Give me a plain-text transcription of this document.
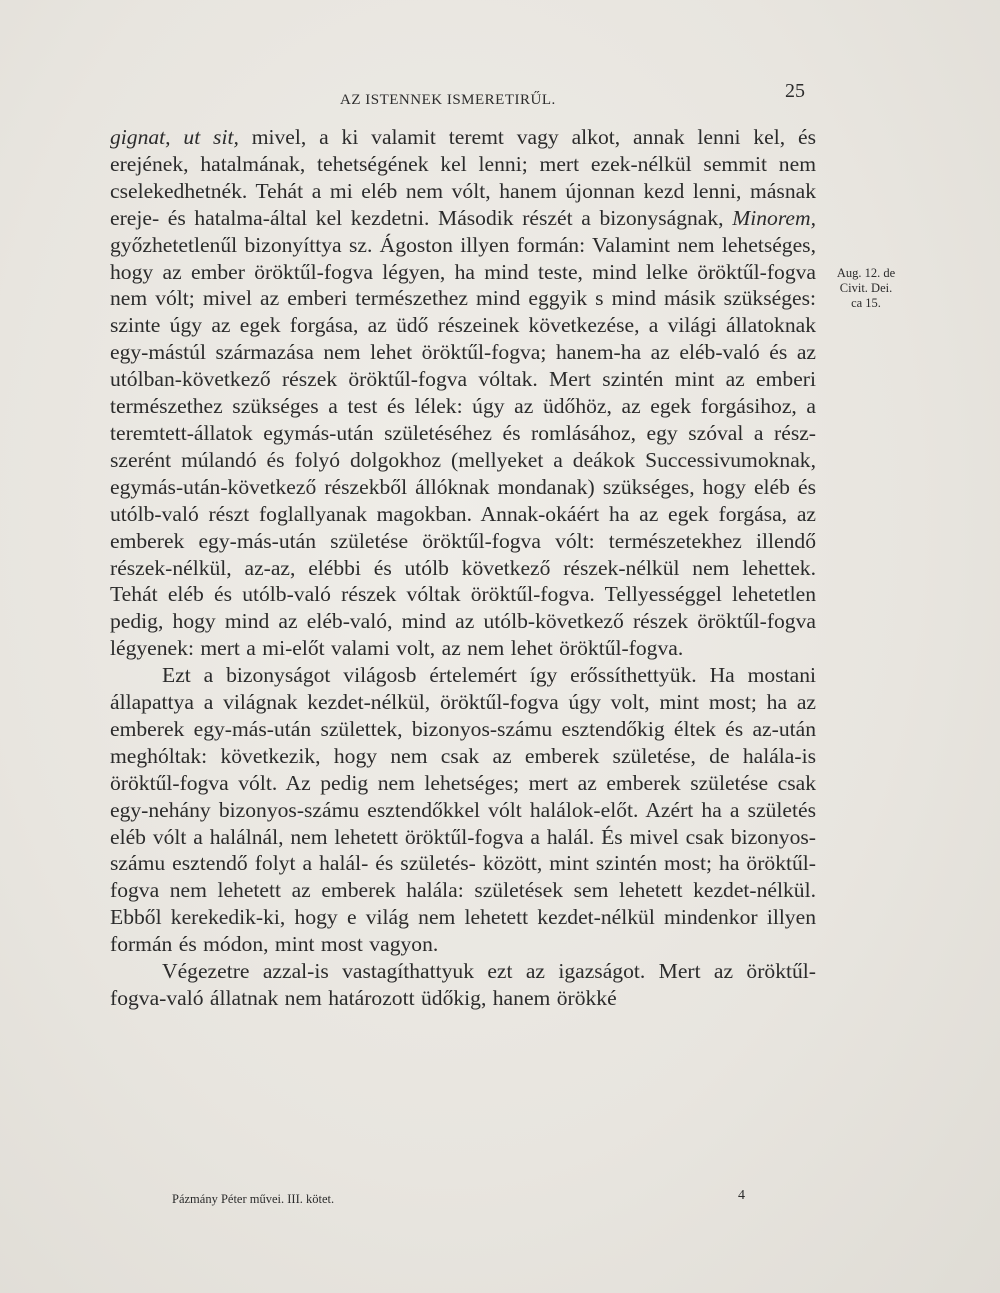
AZ ISTENNEK ISMERETIRŰL.	25

gignat, ut sit, mivel, a ki valamit teremt vagy alkot, annak lenni kel, és erejének, hatalmának, tehetségének kel lenni; mert ezek-nélkül semmit nem cselekedhetnék. Tehát a mi eléb nem vólt, hanem újonnan kezd lenni, másnak ereje- és hatalma-által kel kezdetni. Második részét a bizonyságnak, Minorem, győzhetetlenűl bizonyíttya sz. Ágoston illyen formán: Valamint nem lehetséges, hogy az ember öröktűl-fogva légyen, ha mind teste, mind lelke öröktűl-fogva nem vólt; mivel az emberi természethez mind eggyik s mind másik szükséges: szinte úgy az egek forgása, az üdő részeinek következése, a világi állatoknak egy-mástúl származása nem lehet öröktűl-fogva; hanem-ha az eléb-való és az utólban-következő részek öröktűl-fogva vóltak. Mert szintén mint az emberi természethez szükséges a test és lélek: úgy az üdőhöz, az egek forgásihoz, a teremtett-állatok egymás-után születéséhez és romlásához, egy szóval a rész-szerént múlandó és folyó dolgokhoz (mellyeket a deákok Successivumoknak, egymás-után-következő részekből állóknak mondanak) szükséges, hogy eléb és utólb-való részt foglallyanak magokban. Annak-okáért ha az egek forgása, az emberek egy-más-után születése öröktűl-fogva vólt: természetekhez illendő részek-nélkül, az-az, elébbi és utólb következő részek-nélkül nem lehettek. Tehát eléb és utólb-való részek vóltak öröktűl-fogva. Tellyességgel lehetetlen pedig, hogy mind az eléb-való, mind az utólb-következő részek öröktűl-fogva légyenek: mert a mi-előt valami volt, az nem lehet öröktűl-fogva.

Ezt a bizonyságot világosb értelemért így erőssíthettyük. Ha mostani állapattya a világnak kezdet-nélkül, öröktűl-fogva úgy volt, mint most; ha az emberek egy-más-után születtek, bizonyos-számu esztendőkig éltek és az-után meghóltak: következik, hogy nem csak az emberek születése, de halála-is öröktűl-fogva vólt. Az pedig nem lehetséges; mert az emberek születése csak egy-nehány bizonyos-számu esztendőkkel vólt halálok-előt. Azért ha a születés eléb vólt a halálnál, nem lehetett öröktűl-fogva a halál. És mivel csak bizonyos-számu esztendő folyt a halál- és születés- között, mint szintén most; ha öröktűl-fogva nem lehetett az emberek halála: születések sem lehetett kezdet-nélkül. Ebből kerekedik-ki, hogy e világ nem lehetett kezdet-nélkül mindenkor illyen formán és módon, mint most vagyon.

Végezetre azzal-is vastagíthattyuk ezt az igazságot. Mert az öröktűl-fogva-való állatnak nem határozott üdőkig, hanem örökké

Aug. 12. de
Civit. Dei.
ca 15.
Pázmány Péter művei. III. kötet.	4
